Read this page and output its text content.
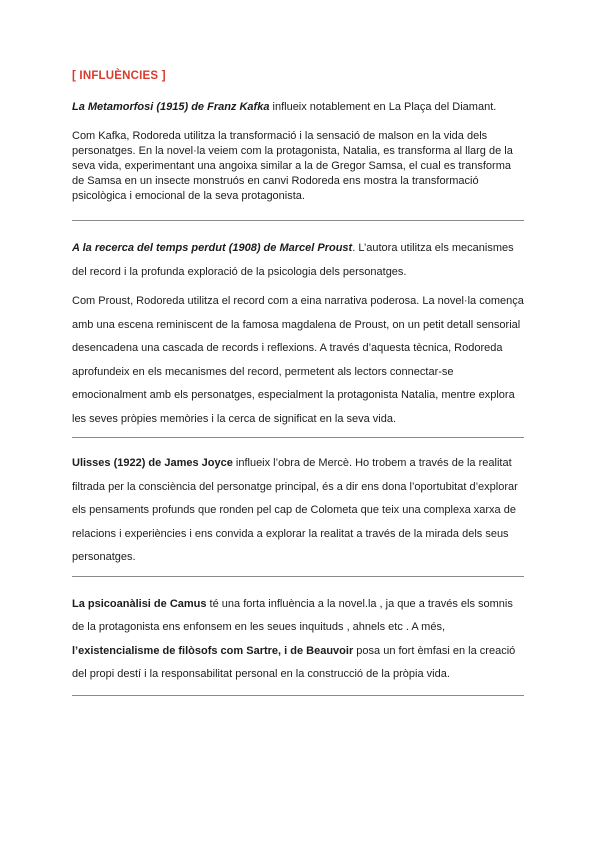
[ INFLUÈNCIES ]

La Metamorfosi (1915) de Franz Kafka influeix notablement en La Plaça del Diamant.

Com Kafka, Rodoreda utilitza la transformació i la sensació de malson en la vida dels personatges. En la novel·la veiem com la protagonista, Natalia, es transforma al llarg de la seva vida, experimentant una angoixa similar a la de Gregor Samsa, el cual es transforma de Samsa en un insecte monstruós en canvi Rodoreda ens mostra la transformació psicològica i emocional de la seva protagonista.

A la recerca del temps perdut (1908) de Marcel Proust. L’autora utilitza els mecanismes del record i la profunda exploració de la psicologia dels personatges.

Com Proust, Rodoreda utilitza el record com a eina narrativa poderosa. La novel·la comença amb una escena reminiscent de la famosa magdalena de Proust, on un petit detall sensorial desencadena una cascada de records i reflexions. A través d’aquesta tècnica, Rodoreda aprofundeix en els mecanismes del record, permetent als lectors connectar-se emocionalment amb els personatges, especialment la protagonista Natalia, mentre explora les seves pròpies memòries i la cerca de significat en la seva vida.

Ulisses (1922) de James Joyce influeix l’obra de Mercè. Ho trobem a través de la realitat filtrada per la consciència del personatge principal, és a dir ens dona l’oportubitat d’explorar els pensaments profunds que ronden pel cap de Colometa que teix una complexa xarxa de relacions i experiències i ens convida a explorar la realitat a través de la mirada dels seus personatges.

La psicoanàlisi de Camus té una forta influència a la novel.la , ja que a través els somnis de la protagonista ens enfonsem en les seues inquituds , ahnels etc . A més,
l’existencialisme de filòsofs com Sartre, i de Beauvoir posa un fort èmfasi en la creació del propi destí i la responsabilitat personal en la construcció de la pròpia vida.
